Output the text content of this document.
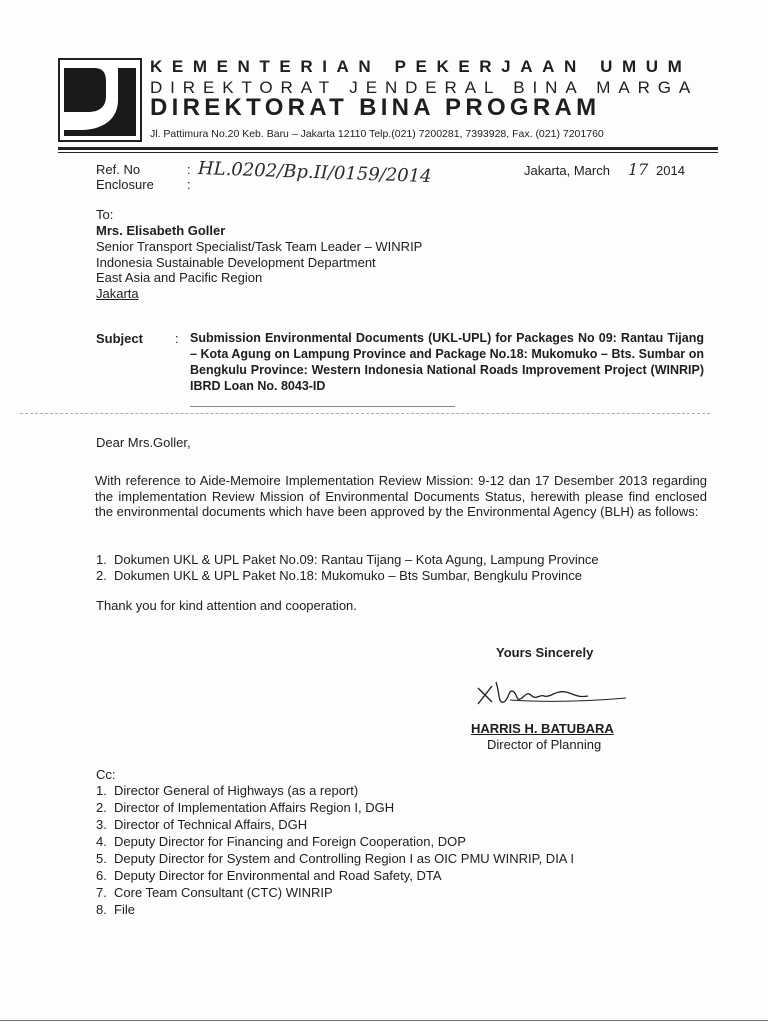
KEMENTERIAN PEKERJAAN UMUM
DIREKTORAT JENDERAL BINA MARGA
DIREKTORAT BINA PROGRAM
Jl. Pattimura No.20 Keb. Baru – Jakarta 12110 Telp.(021) 7200281, 7393928, Fax. (021) 7201760
Ref. No
Enclosure
:
: HL.0202/Bp.II/0159/2014	Jakarta, March 17 2014
To:
Mrs. Elisabeth Goller
Senior Transport Specialist/Task Team Leader – WINRIP
Indonesia Sustainable Development Department
East Asia and Pacific Region
Jakarta
Subject : Submission Environmental Documents (UKL-UPL) for Packages No 09: Rantau Tijang – Kota Agung on Lampung Province and Package No.18: Mukomuko – Bts. Sumbar on Bengkulu Province: Western Indonesia National Roads Improvement Project (WINRIP) IBRD Loan No. 8043-ID
Dear Mrs.Goller,
With reference to Aide-Memoire Implementation Review Mission: 9-12 dan 17 Desember 2013 regarding the implementation Review Mission of Environmental Documents Status, herewith please find enclosed the environmental documents which have been approved by the Environmental Agency (BLH) as follows:
1. Dokumen UKL & UPL Paket No.09: Rantau Tijang – Kota Agung, Lampung Province
2. Dokumen UKL & UPL Paket No.18: Mukomuko – Bts Sumbar, Bengkulu Province
Thank you for kind attention and cooperation.
Yours Sincerely
HARRIS H. BATUBARA
Director of Planning
Cc:
1. Director General of Highways (as a report)
2. Director of Implementation Affairs Region I, DGH
3. Director of Technical Affairs, DGH
4. Deputy Director for Financing and Foreign Cooperation, DOP
5. Deputy Director for System and Controlling Region I as OIC PMU WINRIP, DIA I
6. Deputy Director for Environmental and Road Safety, DTA
7. Core Team Consultant (CTC) WINRIP
8. File
